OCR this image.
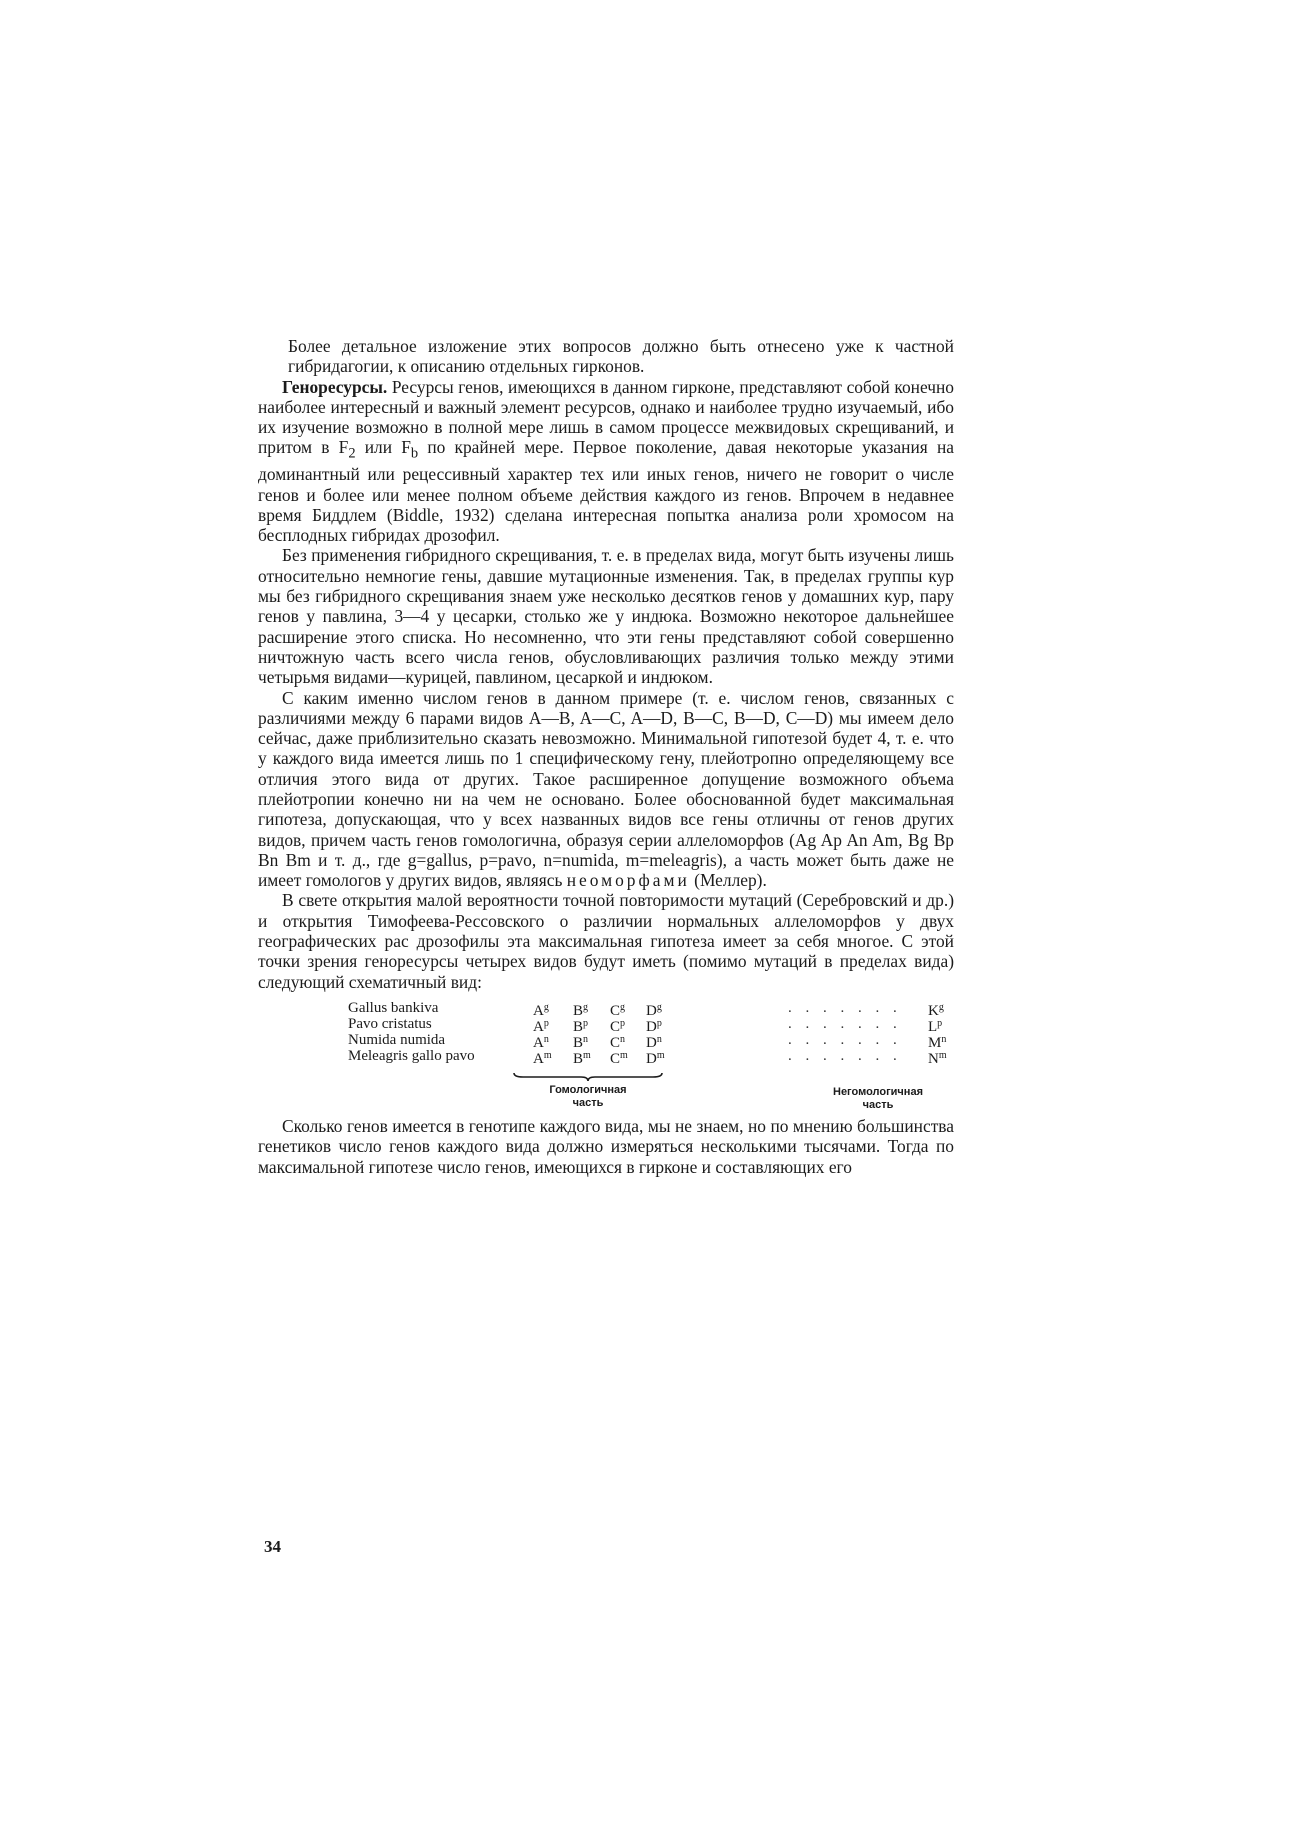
Более детальное изложение этих вопросов должно быть отнесено уже к частной гибридагогии, к описанию отдельных гирконов.

Геноресурсы. Ресурсы генов, имеющихся в данном гирконе, представляют собой конечно наиболее интересный и важный элемент ресурсов, однако и наиболее трудно изучаемый, ибо их изучение возможно в полной мере лишь в самом процессе межвидовых скрещиваний, и притом в $F_2$ или $F_b$ по крайней мере. Первое поколение, давая некоторые указания на доминантный или рецессивный характер тех или иных генов, ничего не говорит о числе генов и более или менее полном объеме действия каждого из генов. Впрочем в недавнее время Биддлем (Biddle, 1932) сделана интересная попытка анализа роли хромосом на бесплодных гибридах дрозофил.

Без применения гибридного скрещивания, т. е. в пределах вида, могут быть изучены лишь относительно немногие гены, давшие мутационные изменения. Так, в пределах группы кур мы без гибридного скрещивания знаем уже несколько десятков генов у домашних кур, пару генов у павлина, 3—4 у цесарки, столько же у индюка. Возможно некоторое дальнейшее расширение этого списка. Но несомненно, что эти гены представляют собой совершенно ничтожную часть всего числа генов, обусловливающих различия только между этими четырьмя видами—курицей, павлином, цесаркой и индюком.

С каким именно числом генов в данном примере (т. е. числом генов, связанных с различиями между 6 парами видов A—B, A—C, A—D, B—C, B—D, C—D) мы имеем дело сейчас, даже приблизительно сказать невозможно. Минимальной гипотезой будет 4, т. е. что у каждого вида имеется лишь по 1 специфическому гену, плейотропно определяющему все отличия этого вида от других. Такое расширенное допущение возможного объема плейотропии конечно ни на чем не основано. Более обоснованной будет максимальная гипотеза, допускающая, что у всех названных видов все гены отличны от генов других видов, причем часть генов гомологична, образуя серии аллеломорфов (Ag Ap An Am, Bg Bp Bn Bm и т. д., где g=gallus, p=pavo, n=numida, m=meleagris), а часть может быть даже не имеет гомологов у других видов, являясь неоморфами (Меллер).

В свете открытия малой вероятности точной повторимости мутаций (Серебровский и др.) и открытия Тимофеева-Рессовского о различии нормальных аллеломорфов у двух географических рас дрозофилы эта максимальная гипотеза имеет за себя многое. С этой точки зрения геноресурсы четырех видов будут иметь (помимо мутаций в пределах вида) следующий схематичный вид:

Gallus bankiva	$A^g$	$B^g$	$C^g$	$D^g$	. . . . . . . $K^g$
Pavo cristatus	$A^p$	$B^p$	$C^p$	$D^p$	. . . . . . . $L^p$
Numida numida	$A^n$	$B^n$	$C^n$	$D^n$	. . . . . . . $M^n$
Meleagris gallo pavo	$A^m$	$B^m$	$C^m$	$D^m$	. . . . . . . $N^m$
Гомологичная
часть
Негомологичная
часть

Сколько генов имеется в генотипе каждого вида, мы не знаем, но по мнению большинства генетиков число генов каждого вида должно измеряться несколькими тысячами. Тогда по максимальной гипотезе число генов, имеющихся в гирконе и составляющих его

34
